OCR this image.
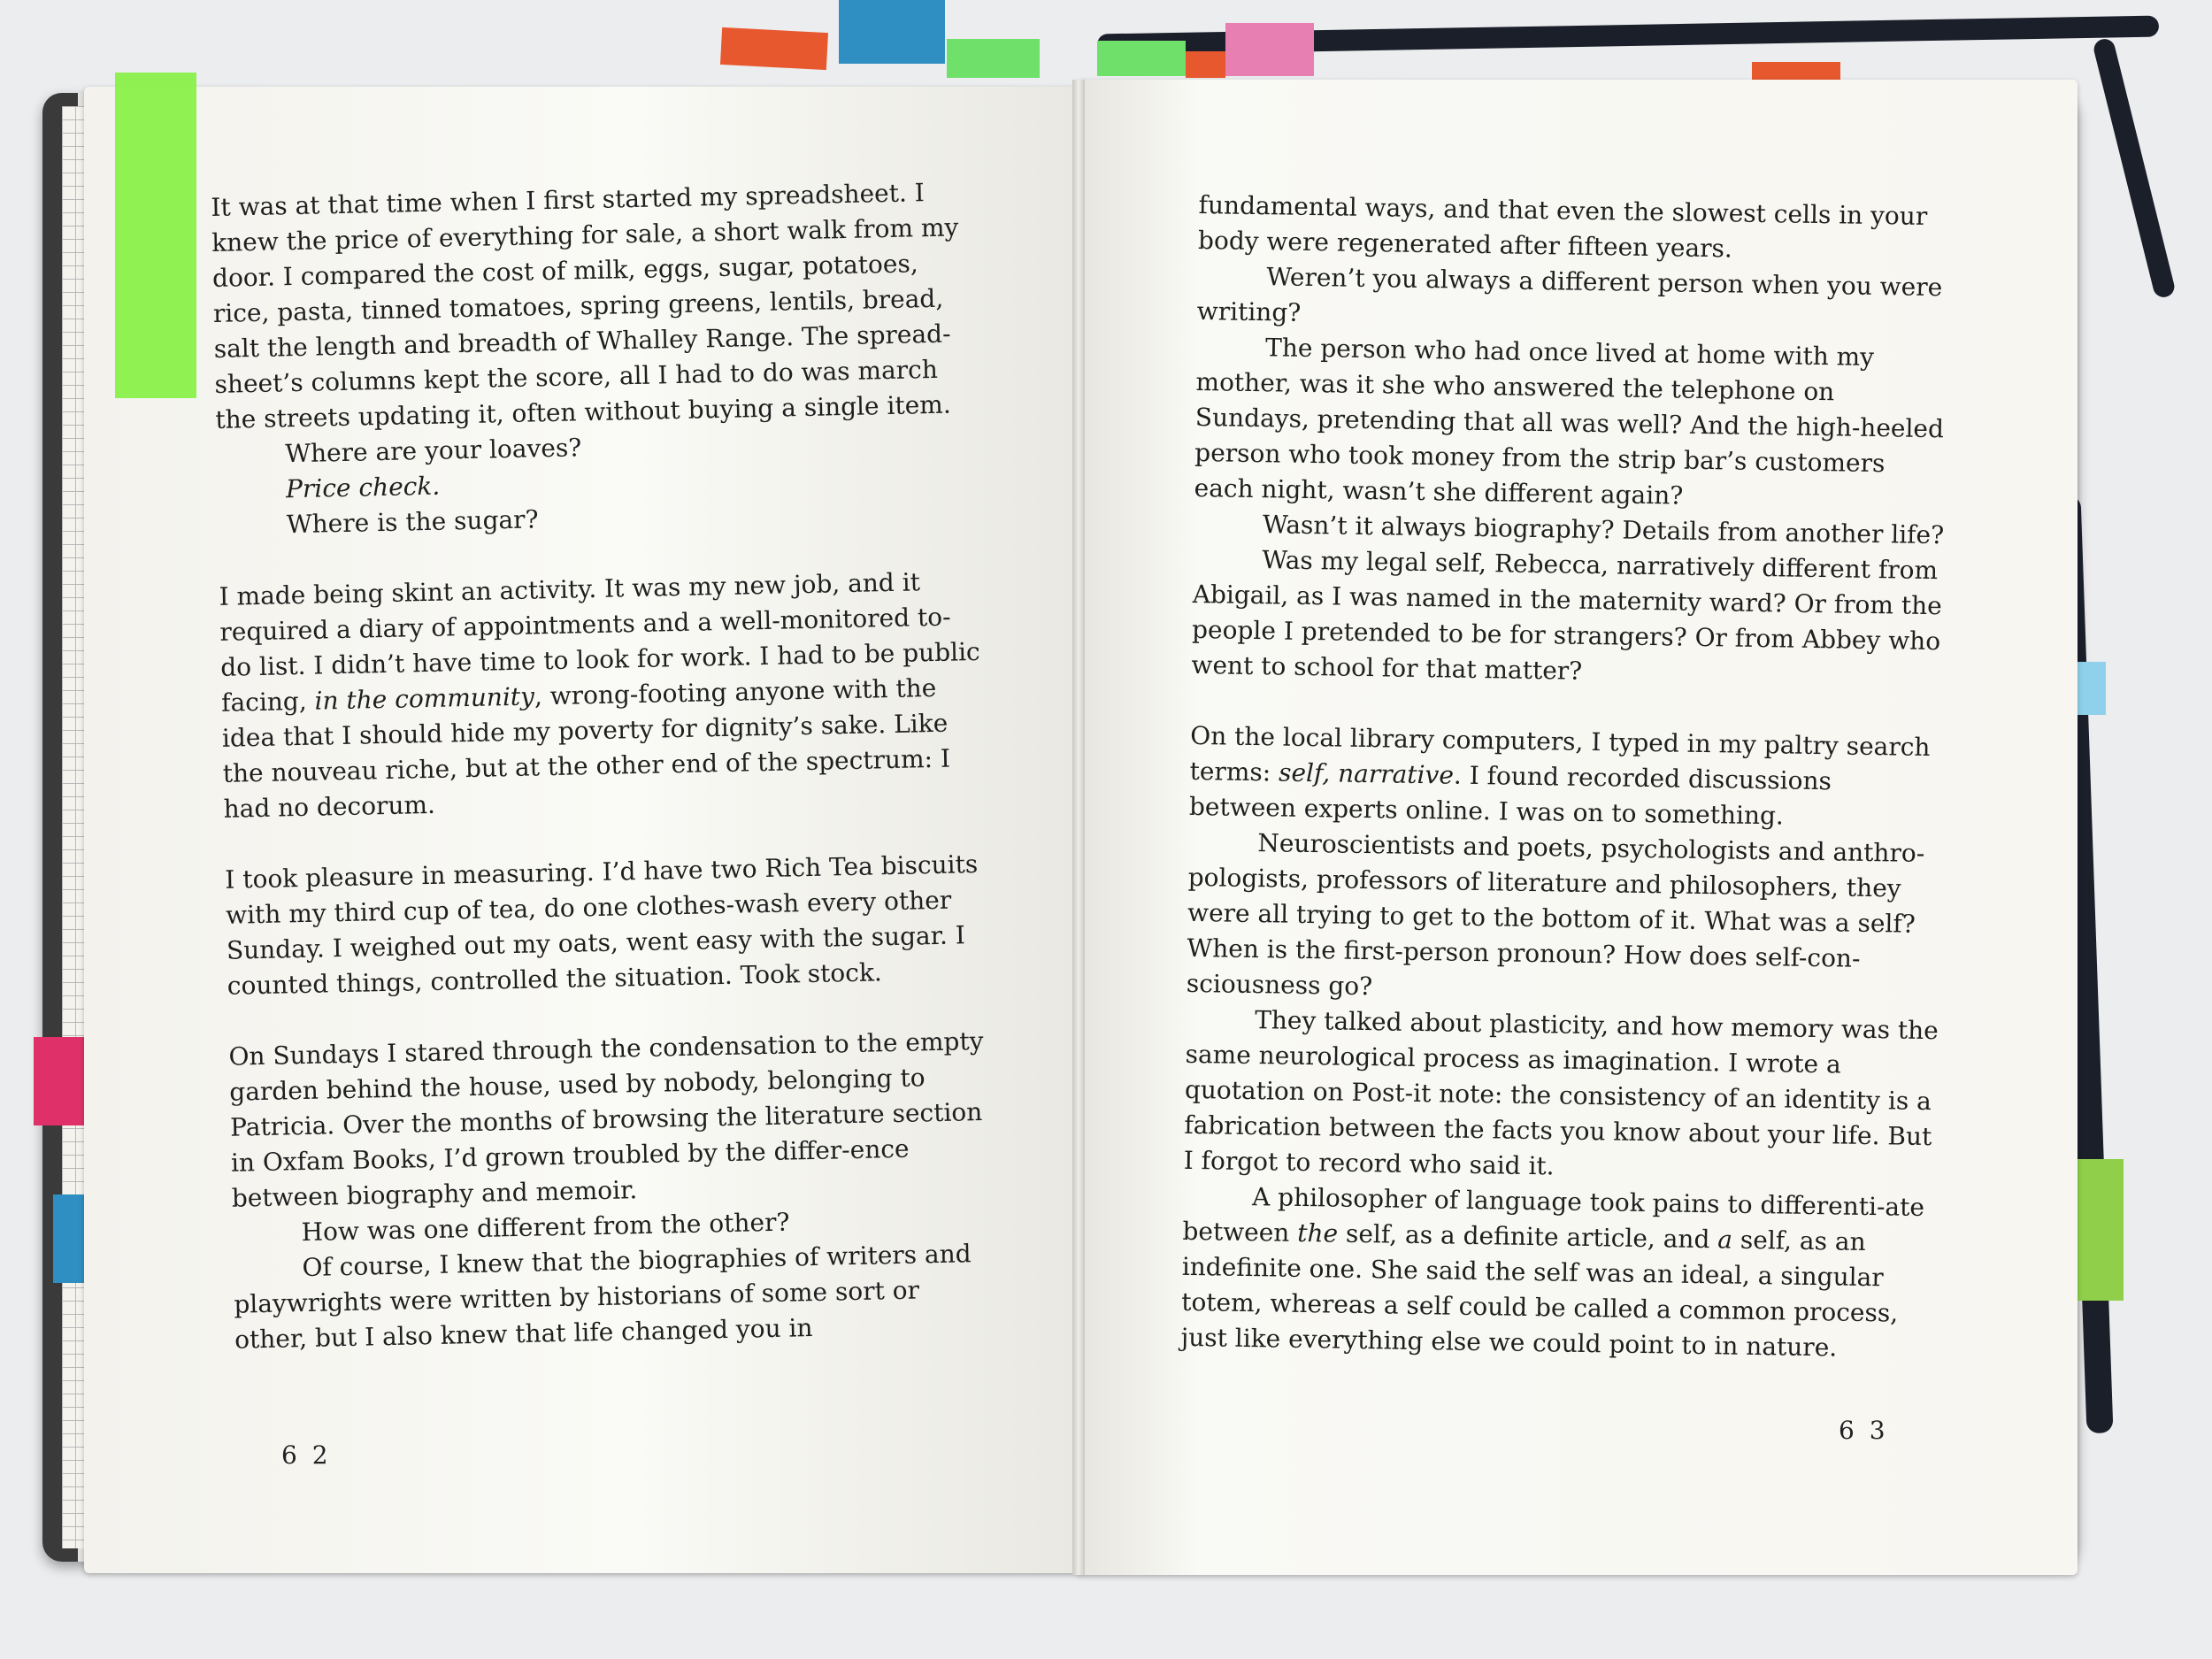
It was at that time when I first started my spreadsheet. I knew the price of everything for sale, a short walk from my door. I compared the cost of milk, eggs, sugar, potatoes, rice, pasta, tinned tomatoes, spring greens, lentils, bread, salt the length and breadth of Whalley Range. The spread-sheet’s columns kept the score, all I had to do was march the streets updating it, often without buying a single item.

Where are your loaves?

Price check.

Where is the sugar?

I made being skint an activity. It was my new job, and it required a diary of appointments and a well-monitored to-do list. I didn’t have time to look for work. I had to be public facing, in the community, wrong-footing anyone with the idea that I should hide my poverty for dignity’s sake. Like the nouveau riche, but at the other end of the spectrum: I had no decorum.

I took pleasure in measuring. I’d have two Rich Tea biscuits with my third cup of tea, do one clothes-wash every other Sunday. I weighed out my oats, went easy with the sugar. I counted things, controlled the situation. Took stock.

On Sundays I stared through the condensation to the empty garden behind the house, used by nobody, belonging to Patricia. Over the months of browsing the literature section in Oxfam Books, I’d grown troubled by the differ-ence between biography and memoir.

How was one different from the other?

Of course, I knew that the biographies of writers and playwrights were written by historians of some sort or other, but I also knew that life changed you in

6 2

fundamental ways, and that even the slowest cells in your body were regenerated after fifteen years.

Weren’t you always a different person when you were writing?

The person who had once lived at home with my mother, was it she who answered the telephone on Sundays, pretending that all was well? And the high-heeled person who took money from the strip bar’s customers each night, wasn’t she different again?

Wasn’t it always biography? Details from another life?

Was my legal self, Rebecca, narratively different from Abigail, as I was named in the maternity ward? Or from the people I pretended to be for strangers? Or from Abbey who went to school for that matter?

On the local library computers, I typed in my paltry search terms: self, narrative. I found recorded discussions between experts online. I was on to something.

Neuroscientists and poets, psychologists and anthro-pologists, professors of literature and philosophers, they were all trying to get to the bottom of it. What was a self? When is the first-person pronoun? How does self-con-sciousness go?

They talked about plasticity, and how memory was the same neurological process as imagination. I wrote a quotation on Post-it note: the consistency of an identity is a fabrication between the facts you know about your life. But I forgot to record who said it.

A philosopher of language took pains to differenti-ate between the self, as a definite article, and a self, as an indefinite one. She said the self was an ideal, a singular totem, whereas a self could be called a common process, just like everything else we could point to in nature.

6 3
